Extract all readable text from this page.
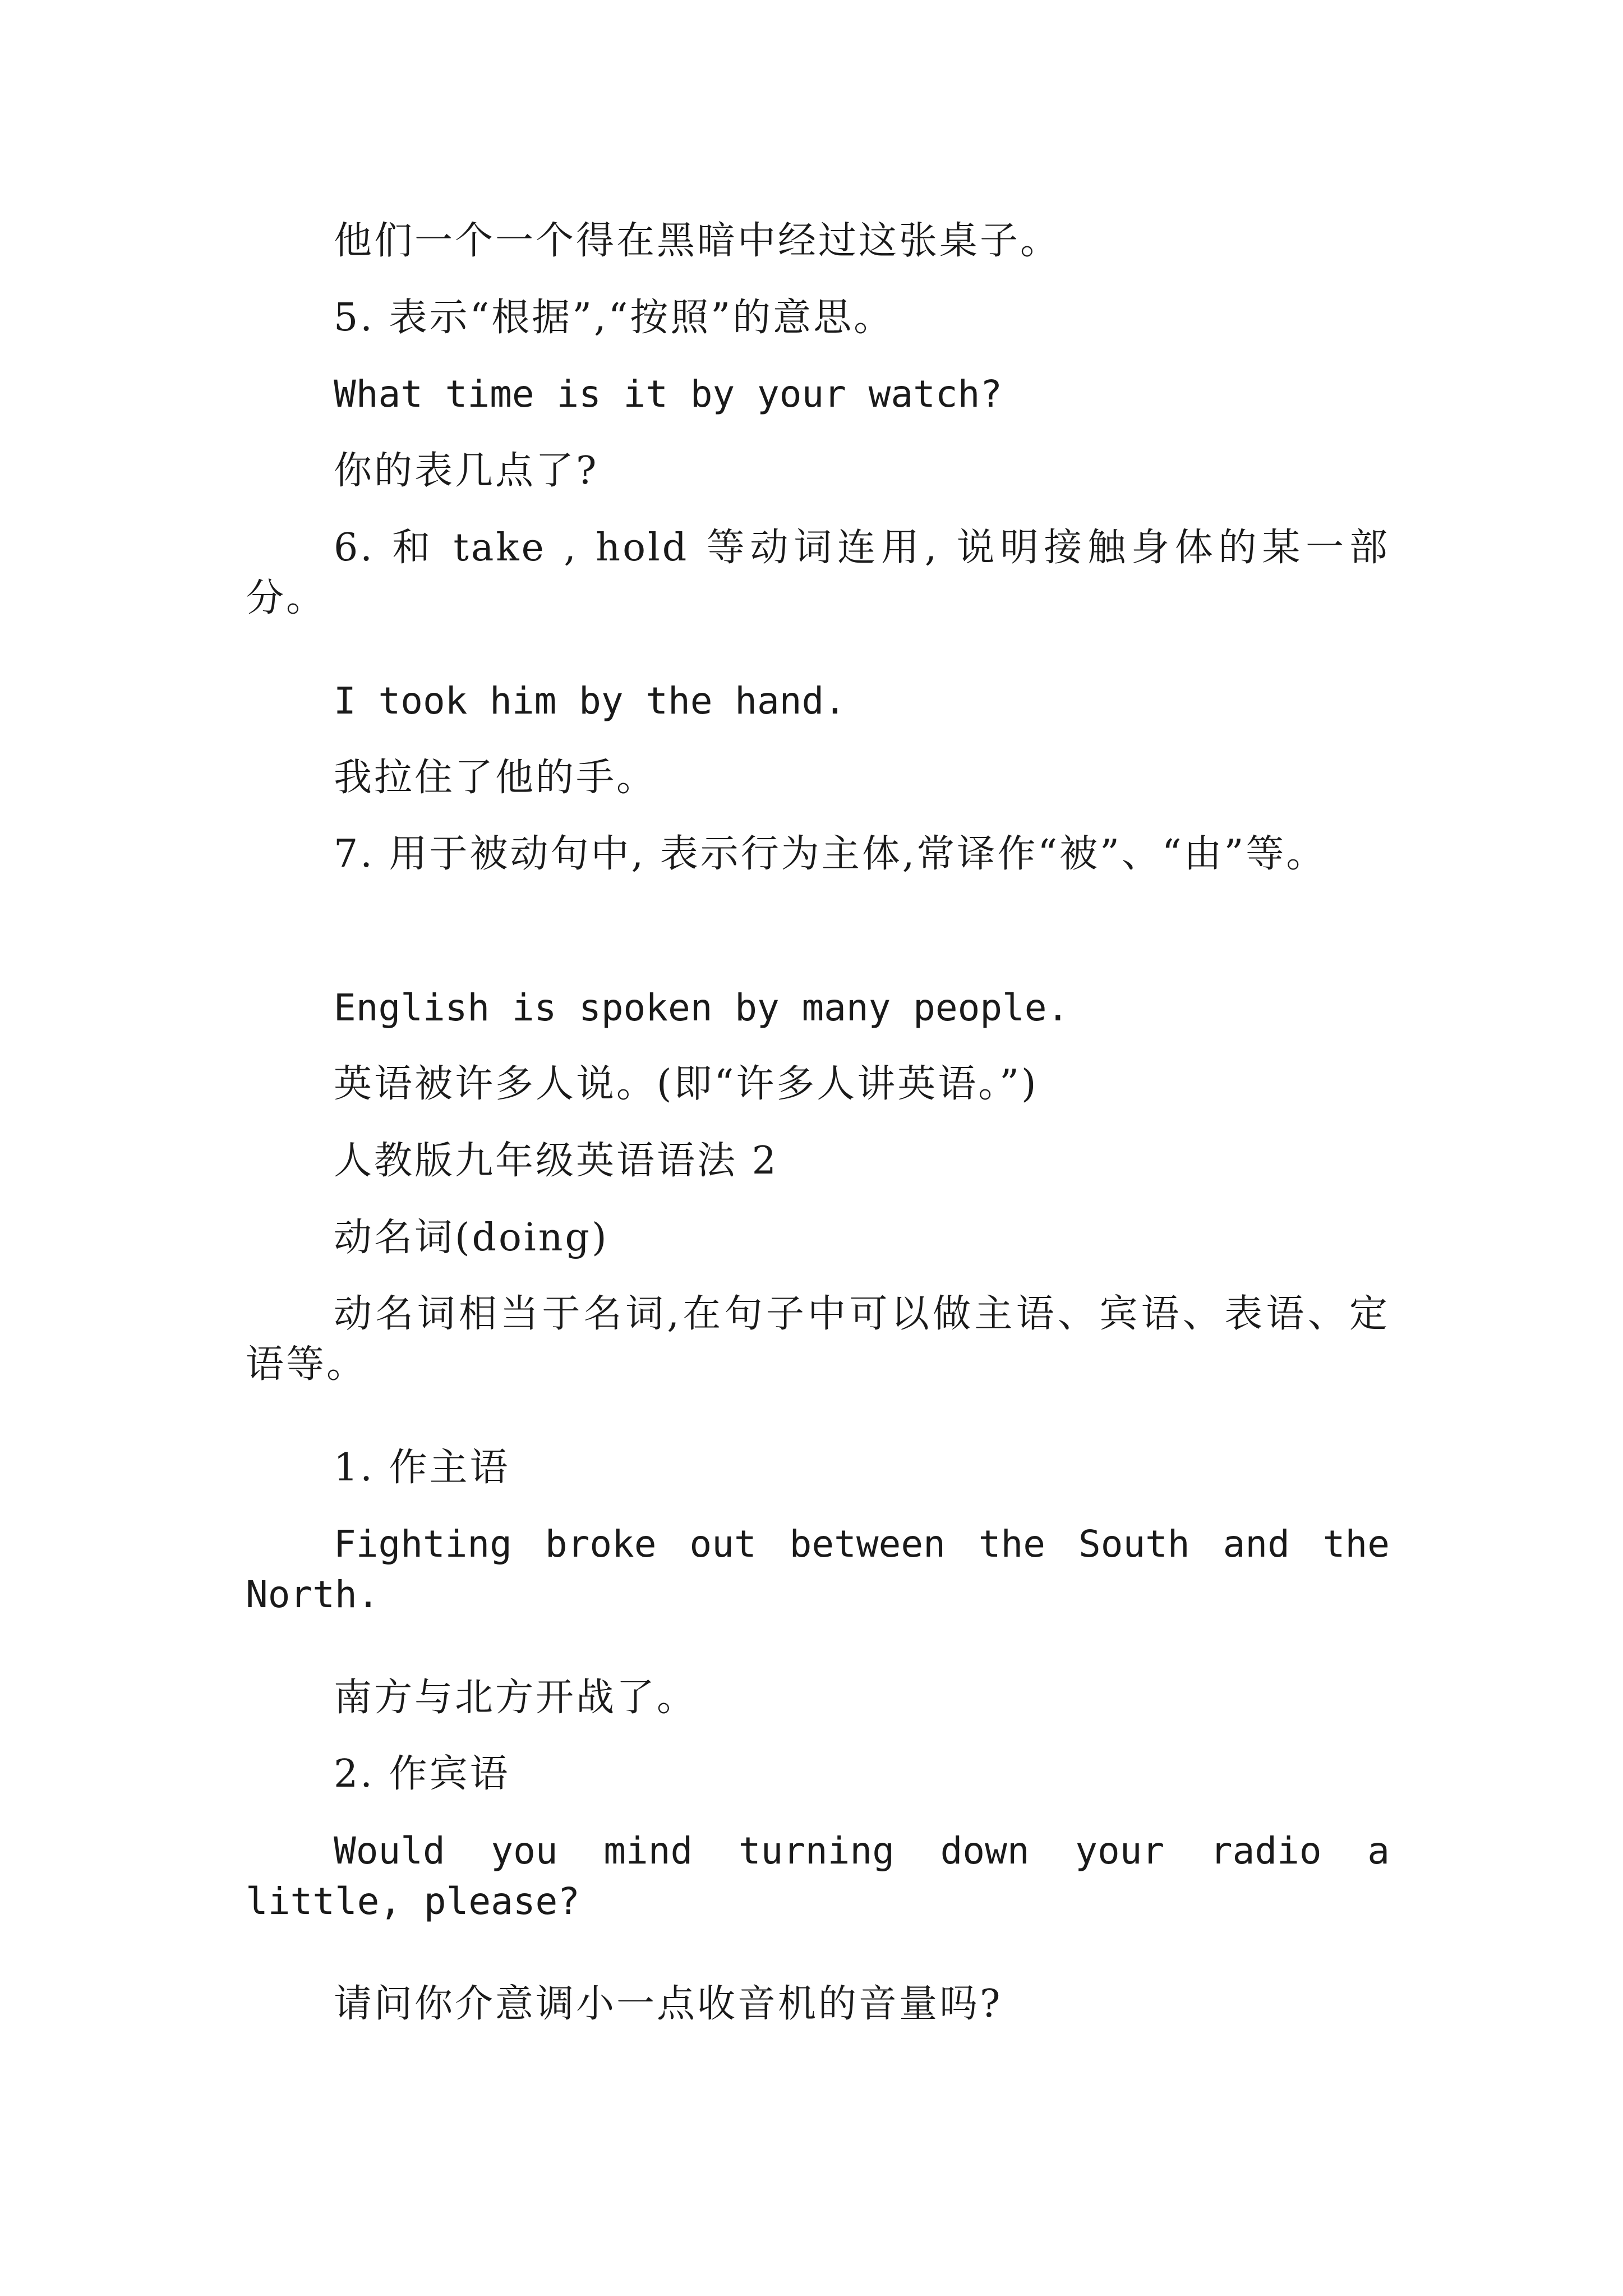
他们一个一个得在黑暗中经过这张桌子。
5. 表示“根据”,“按照”的意思。
What time is it by your watch?
你的表几点了?
6. 和 take , hold 等动词连用, 说明接触身体的某一部分。
I took him by the hand.
我拉住了他的手。
7. 用于被动句中, 表示行为主体,常译作“被”、“由”等。
English is spoken by many people.
英语被许多人说。(即“许多人讲英语。”)
人教版九年级英语语法 2
动名词(doing)
动名词相当于名词,在句子中可以做主语、宾语、表语、定语等。
1. 作主语
Fighting broke out between the South and the North.
南方与北方开战了。
2. 作宾语
Would you mind turning down your radio a little, please?
请问你介意调小一点收音机的音量吗?
